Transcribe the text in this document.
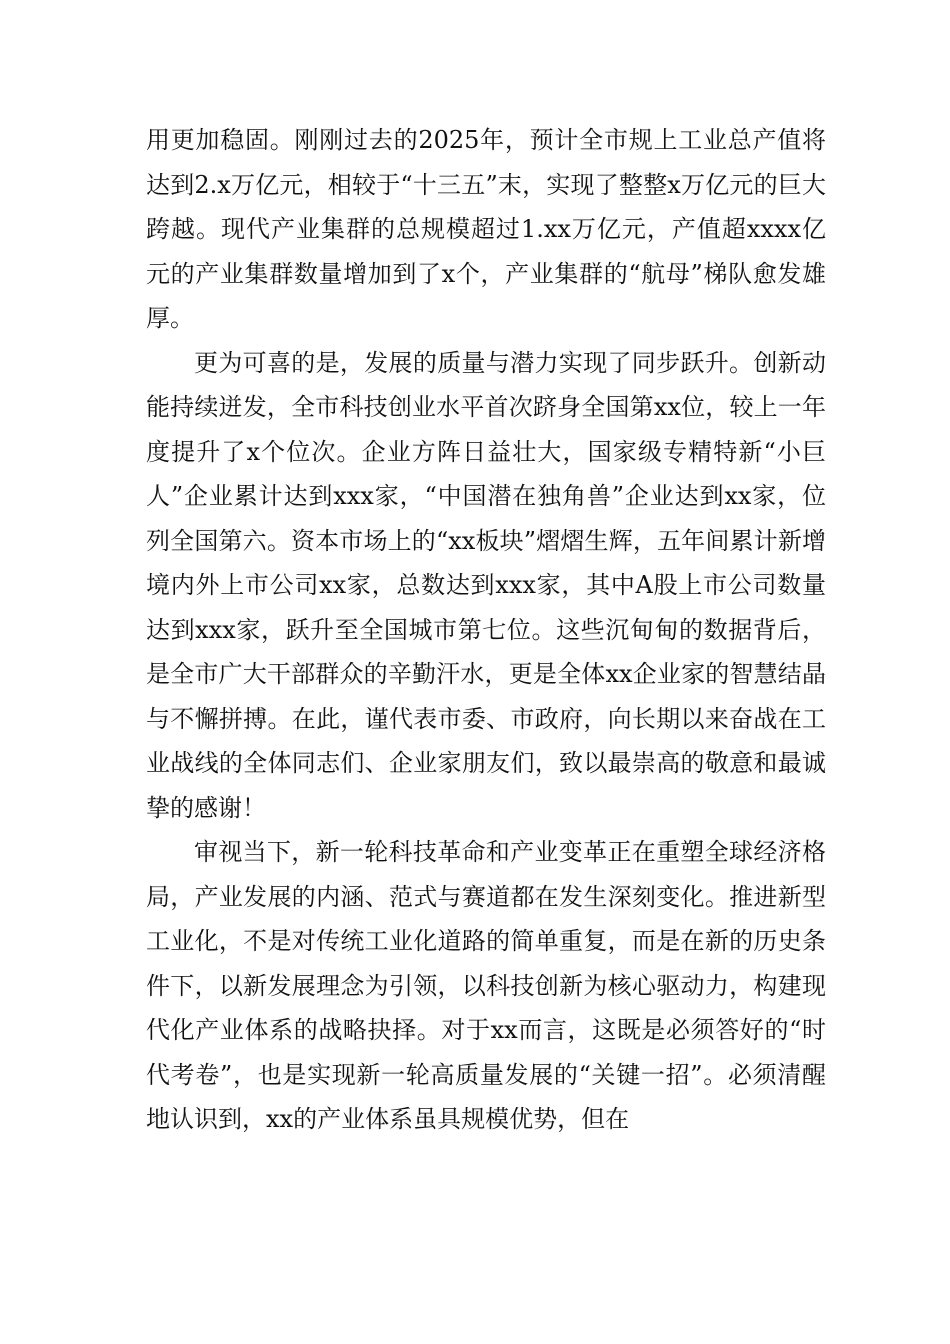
用更加稳固。刚刚过去的2025年，预计全市规上工业总产值将达到2.x万亿元，相较于“十三五”末，实现了整整x万亿元的巨大跨越。现代产业集群的总规模超过1.xx万亿元，产值超xxxx亿元的产业集群数量增加到了x个，产业集群的“航母”梯队愈发雄厚。

更为可喜的是，发展的质量与潜力实现了同步跃升。创新动能持续迸发，全市科技创业水平首次跻身全国第xx位，较上一年度提升了x个位次。企业方阵日益壮大，国家级专精特新“小巨人”企业累计达到xxx家，“中国潜在独角兽”企业达到xx家，位列全国第六。资本市场上的“xx板块”熠熠生辉，五年间累计新增境内外上市公司xx家，总数达到xxx家，其中A股上市公司数量达到xxx家，跃升至全国城市第七位。这些沉甸甸的数据背后，是全市广大干部群众的辛勤汗水，更是全体xx企业家的智慧结晶与不懈拼搏。在此，谨代表市委、市政府，向长期以来奋战在工业战线的全体同志们、企业家朋友们，致以最崇高的敬意和最诚挚的感谢！

审视当下，新一轮科技革命和产业变革正在重塑全球经济格局，产业发展的内涵、范式与赛道都在发生深刻变化。推进新型工业化，不是对传统工业化道路的简单重复，而是在新的历史条件下，以新发展理念为引领，以科技创新为核心驱动力，构建现代化产业体系的战略抉择。对于xx而言，这既是必须答好的“时代考卷”，也是实现新一轮高质量发展的“关键一招”。必须清醒地认识到，xx的产业体系虽具规模优势，但在
